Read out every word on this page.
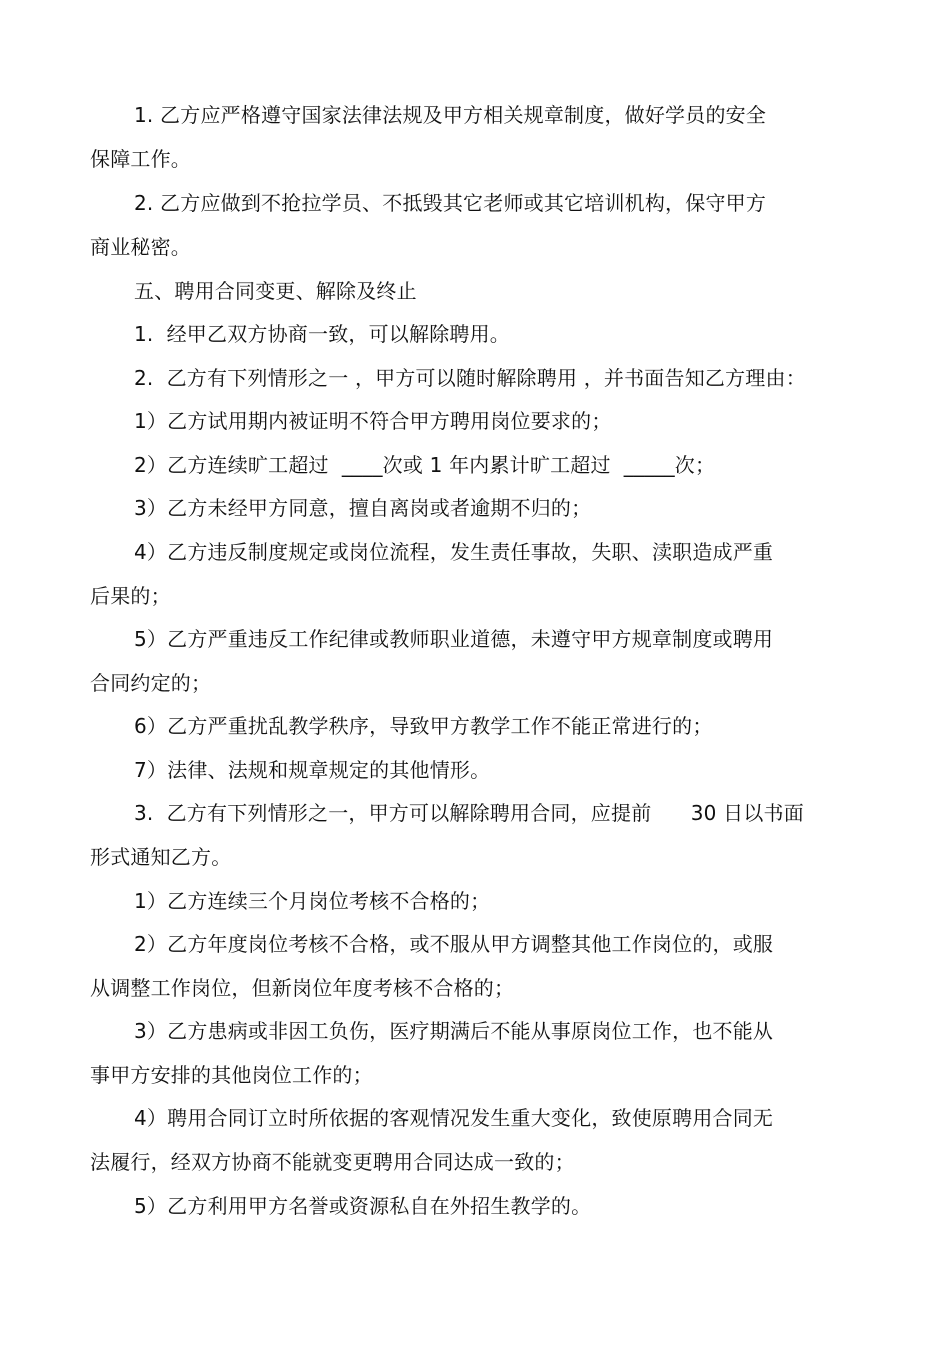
1. 乙方应严格遵守国家法律法规及甲方相关规章制度，做好学员的安全
保障工作。
2. 乙方应做到不抢拉学员、不抵毁其它老师或其它培训机构，保守甲方
商业秘密。
五、聘用合同变更、解除及终止
1.  经甲乙双方协商一致，可以解除聘用。
2.  乙方有下列情形之一 ，甲方可以随时解除聘用 ，并书面告知乙方理由：
1）乙方试用期内被证明不符合甲方聘用岗位要求的；
2）乙方连续旷工超过  ____次或 1 年内累计旷工超过  _____次；
3）乙方未经甲方同意，擅自离岗或者逾期不归的；
4）乙方违反制度规定或岗位流程，发生责任事故，失职、渎职造成严重
后果的；
5）乙方严重违反工作纪律或教师职业道德，未遵守甲方规章制度或聘用
合同约定的；
6）乙方严重扰乱教学秩序，导致甲方教学工作不能正常进行的；
7）法律、法规和规章规定的其他情形。
3.  乙方有下列情形之一，甲方可以解除聘用合同，应提前      30 日以书面
形式通知乙方。
1）乙方连续三个月岗位考核不合格的；
2）乙方年度岗位考核不合格，或不服从甲方调整其他工作岗位的，或服
从调整工作岗位，但新岗位年度考核不合格的；
3）乙方患病或非因工负伤，医疗期满后不能从事原岗位工作，也不能从
事甲方安排的其他岗位工作的；
4）聘用合同订立时所依据的客观情况发生重大变化，致使原聘用合同无
法履行，经双方协商不能就变更聘用合同达成一致的；
5）乙方利用甲方名誉或资源私自在外招生教学的。
